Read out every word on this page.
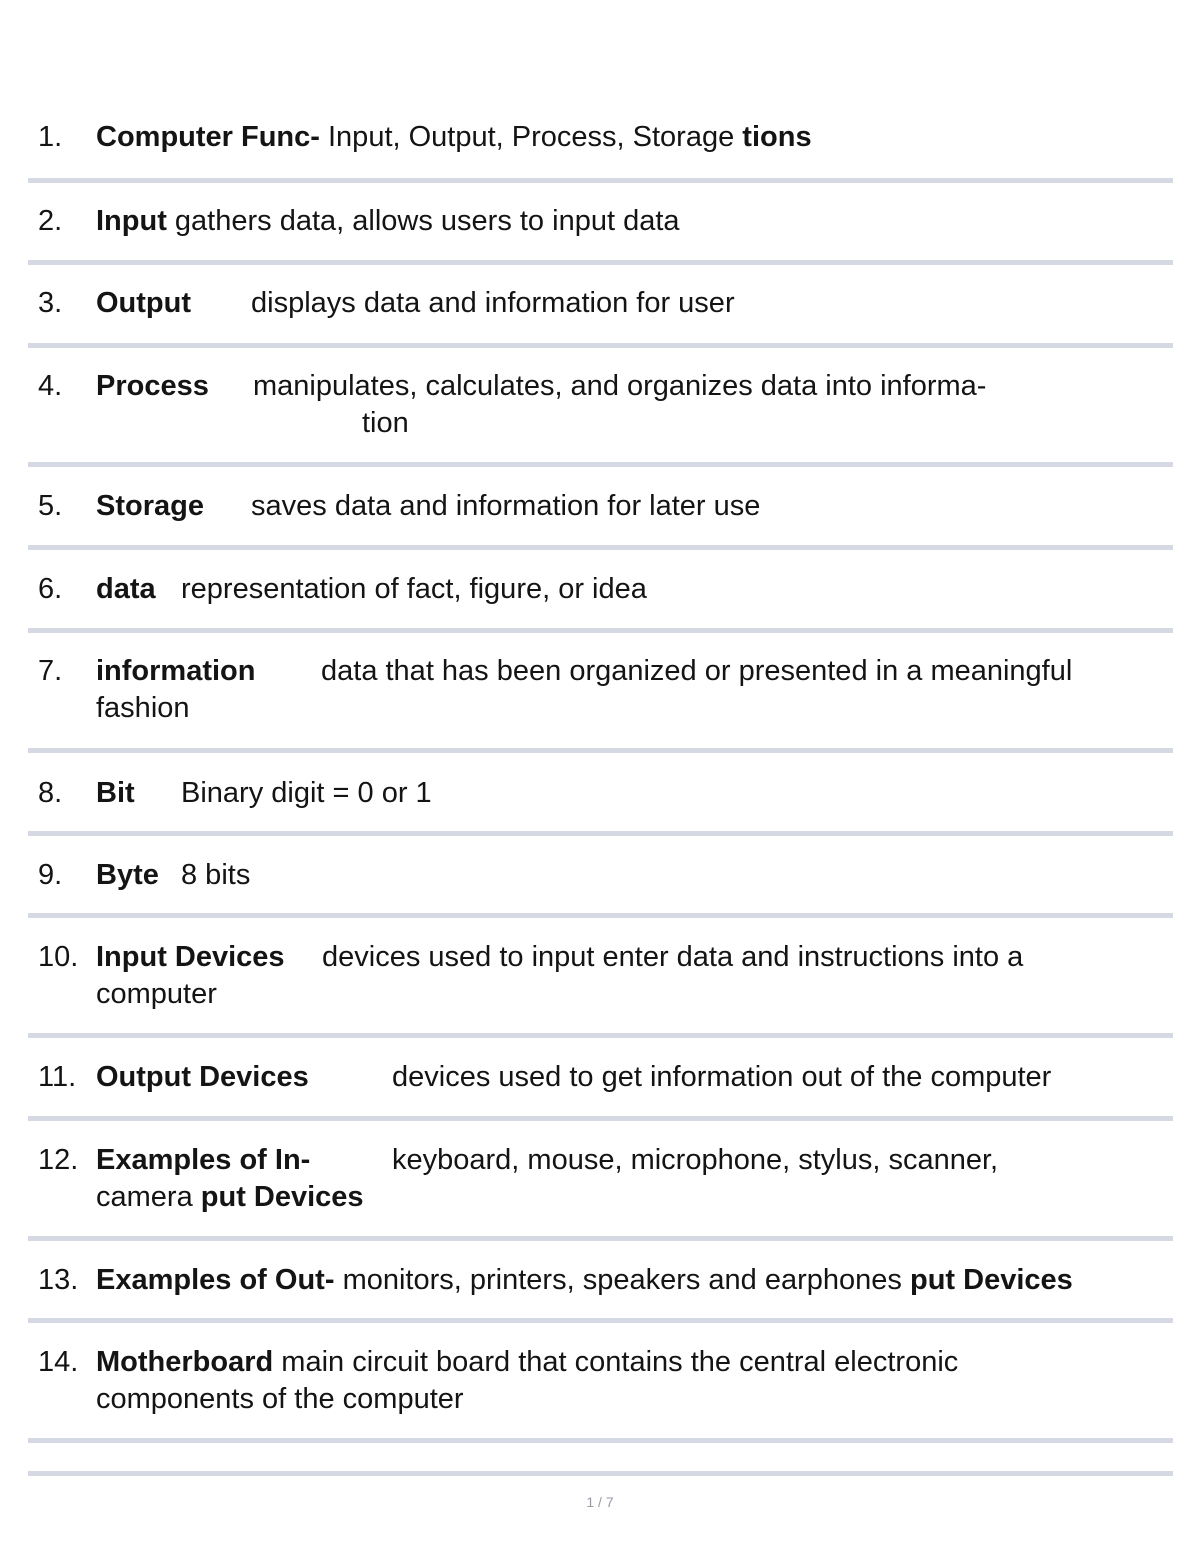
1. Computer Func- Input, Output, Process, Storage tions
2. Input gathers data, allows users to input data
3. Output displays data and information for user
4. Process manipulates, calculates, and organizes data into informa-
tion
5. Storage saves data and information for later use
6. data representation of fact, figure, or idea
7. information data that has been organized or presented in a meaningful
fashion
8. Bit Binary digit = 0 or 1
9. Byte 8 bits
10. Input Devices devices used to input enter data and instructions into a
computer
11. Output Devices	devices used to get information out of the computer
12. Examples of In-	keyboard, mouse, microphone, stylus, scanner,
camera put Devices
13. Examples of Out- monitors, printers, speakers and earphones put Devices
14. Motherboard main circuit board that contains the central electronic
components of the computer
1 / 7
